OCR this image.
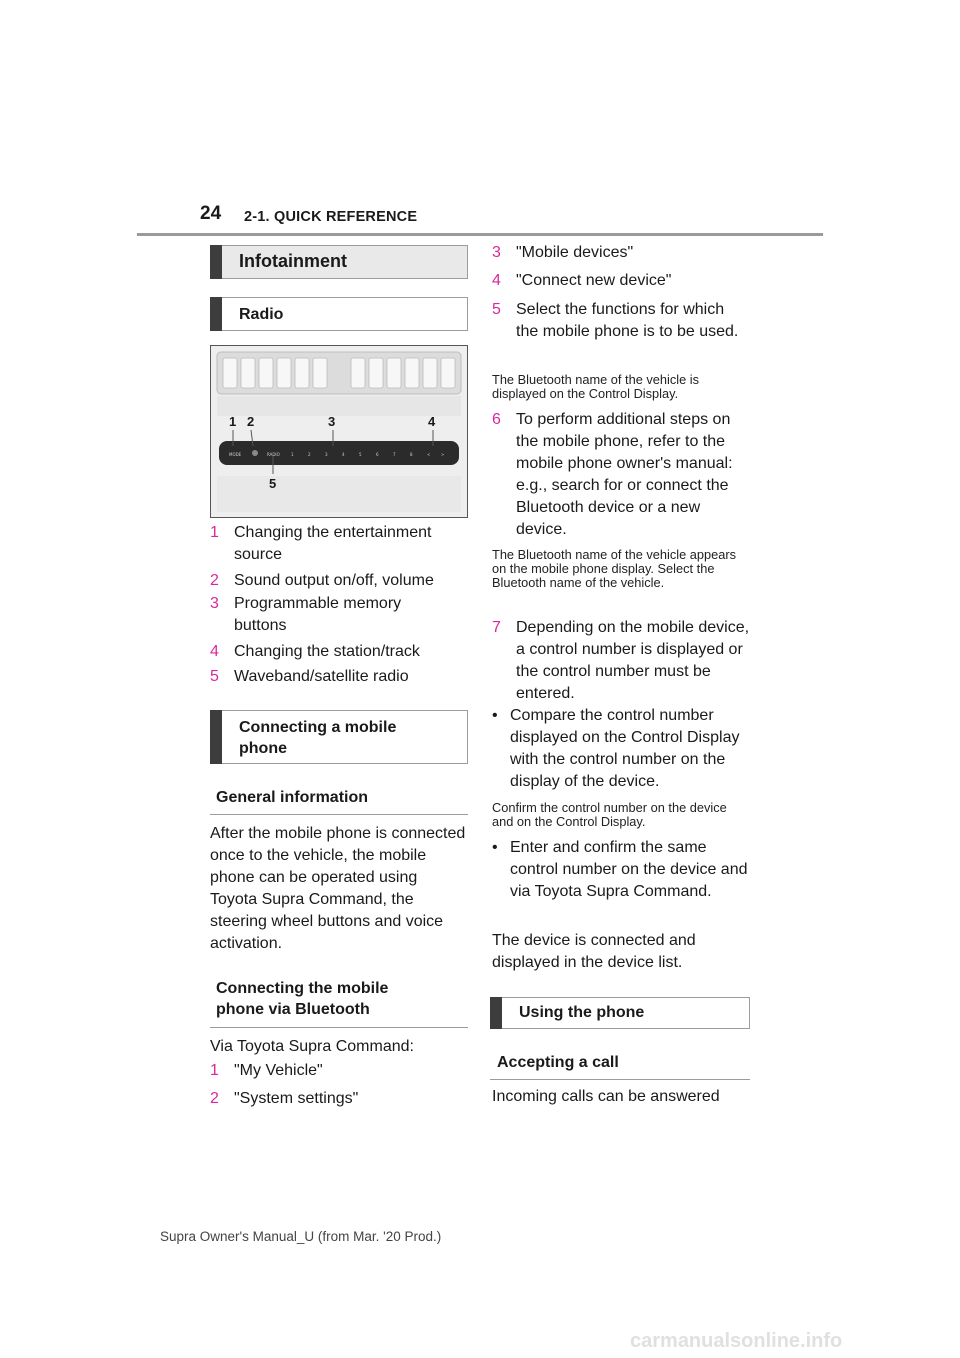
24 2-1. QUICK REFERENCE
Infotainment
Radio
MODE	RADIO	1	2	3	4	5	6	7	8	<	>
1 2	3	4
5
1 Changing the entertainment source
2 Sound output on/off, volume
3 Programmable memory buttons
4 Changing the station/track
5 Waveband/satellite radio
Connecting a mobile phone
General information
After the mobile phone is connected once to the vehicle, the mobile phone can be operated using Toyota Supra Command, the steering wheel buttons and voice activation.
Connecting the mobile phone via Bluetooth
Via Toyota Supra Command:
1 "My Vehicle"
2 "System settings"
3 "Mobile devices"
4 "Connect new device"
5 Select the functions for which the mobile phone is to be used.
The Bluetooth name of the vehicle is displayed on the Control Display.
6 To perform additional steps on the mobile phone, refer to the mobile phone owner's manual: e.g., search for or connect the Bluetooth device or a new device.
The Bluetooth name of the vehicle appears on the mobile phone display. Select the Bluetooth name of the vehicle.
7 Depending on the mobile device, a control number is displayed or the control number must be entered.
• Compare the control number displayed on the Control Display with the control number on the display of the device.
Confirm the control number on the device and on the Control Display.
• Enter and confirm the same control number on the device and via Toyota Supra Command.
The device is connected and displayed in the device list.
Using the phone
Accepting a call
Incoming calls can be answered
Supra Owner's Manual_U (from Mar. '20 Prod.)
carmanualsonline.info
